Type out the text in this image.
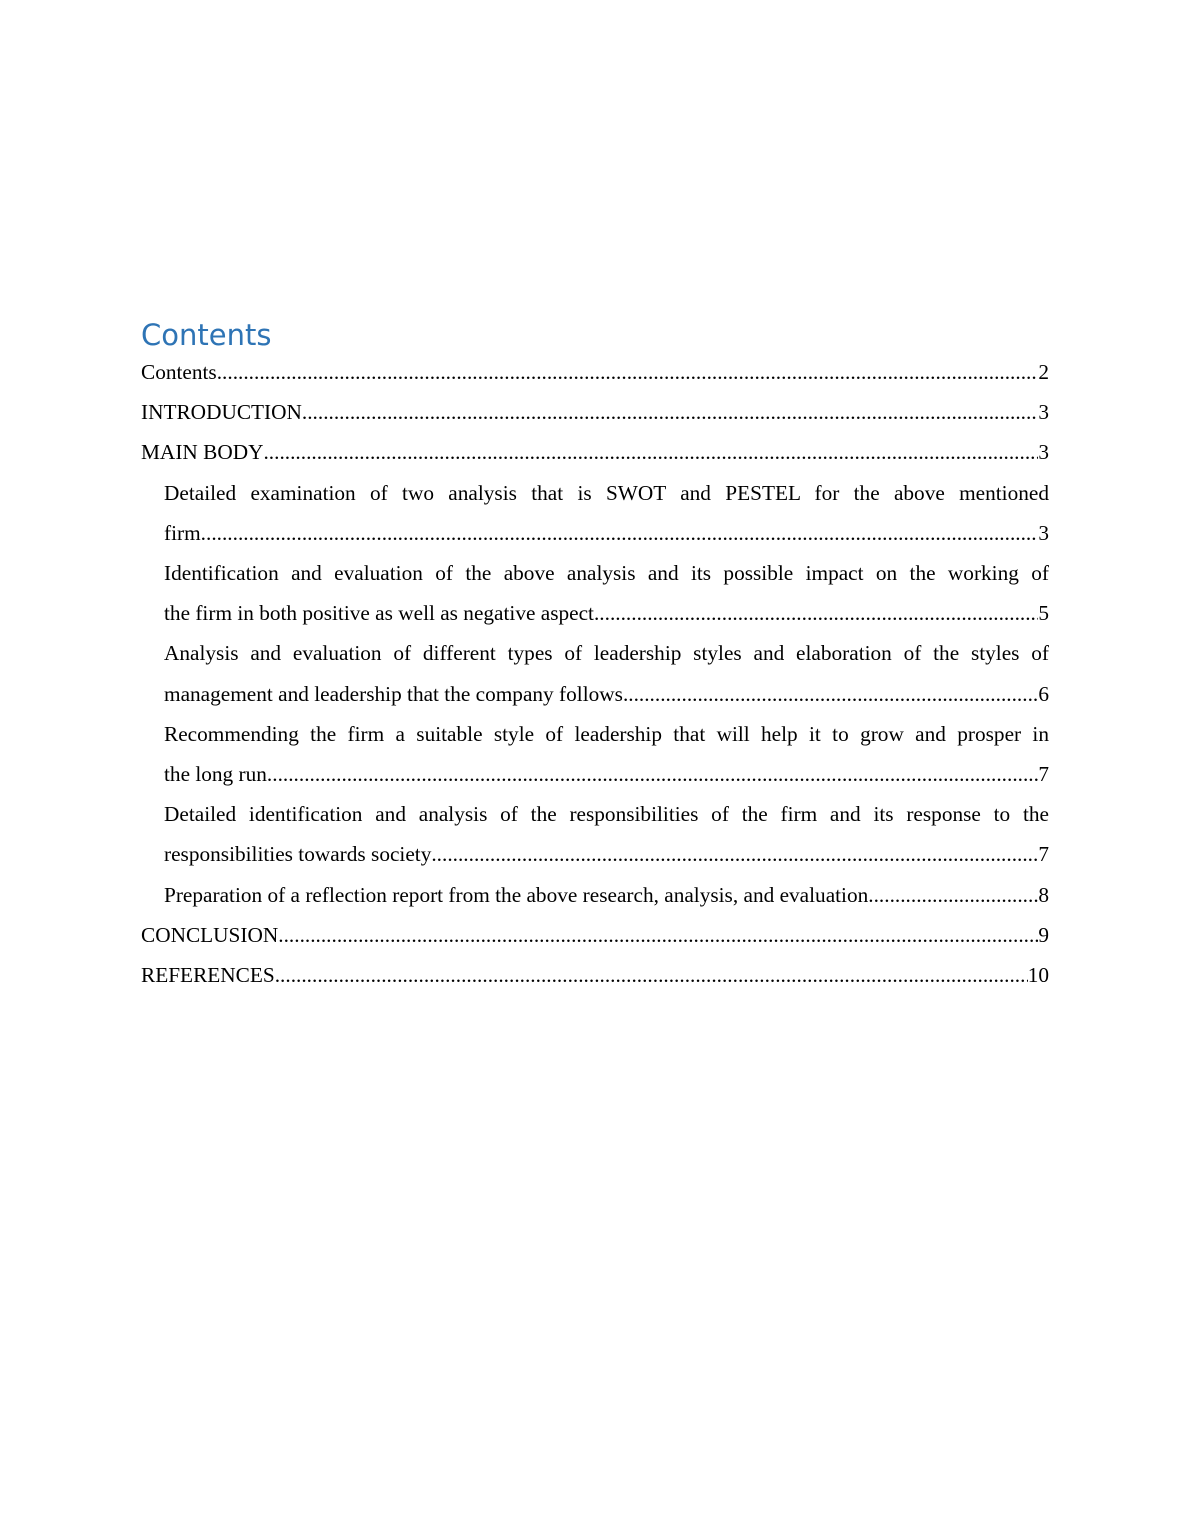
Contents
Contents .....	2
INTRODUCTION .....	3
MAIN BODY .....	3
Detailed examination of two analysis that is SWOT and PESTEL for the above mentioned
firm .....	3
Identification and evaluation of the above analysis and its possible impact on the working of
the firm in both positive as well as negative aspect .....	5
Analysis and evaluation of different types of leadership styles and elaboration of the styles of
management and leadership that the company follows .....	6
Recommending the firm a suitable style of leadership that will help it to grow and prosper in
the long run .....	7
Detailed identification and analysis of the responsibilities of the firm and its response to the
responsibilities towards society .....	7
Preparation of a reflection report from the above research, analysis, and evaluation .....	8
CONCLUSION .....	9
REFERENCES .....	10
